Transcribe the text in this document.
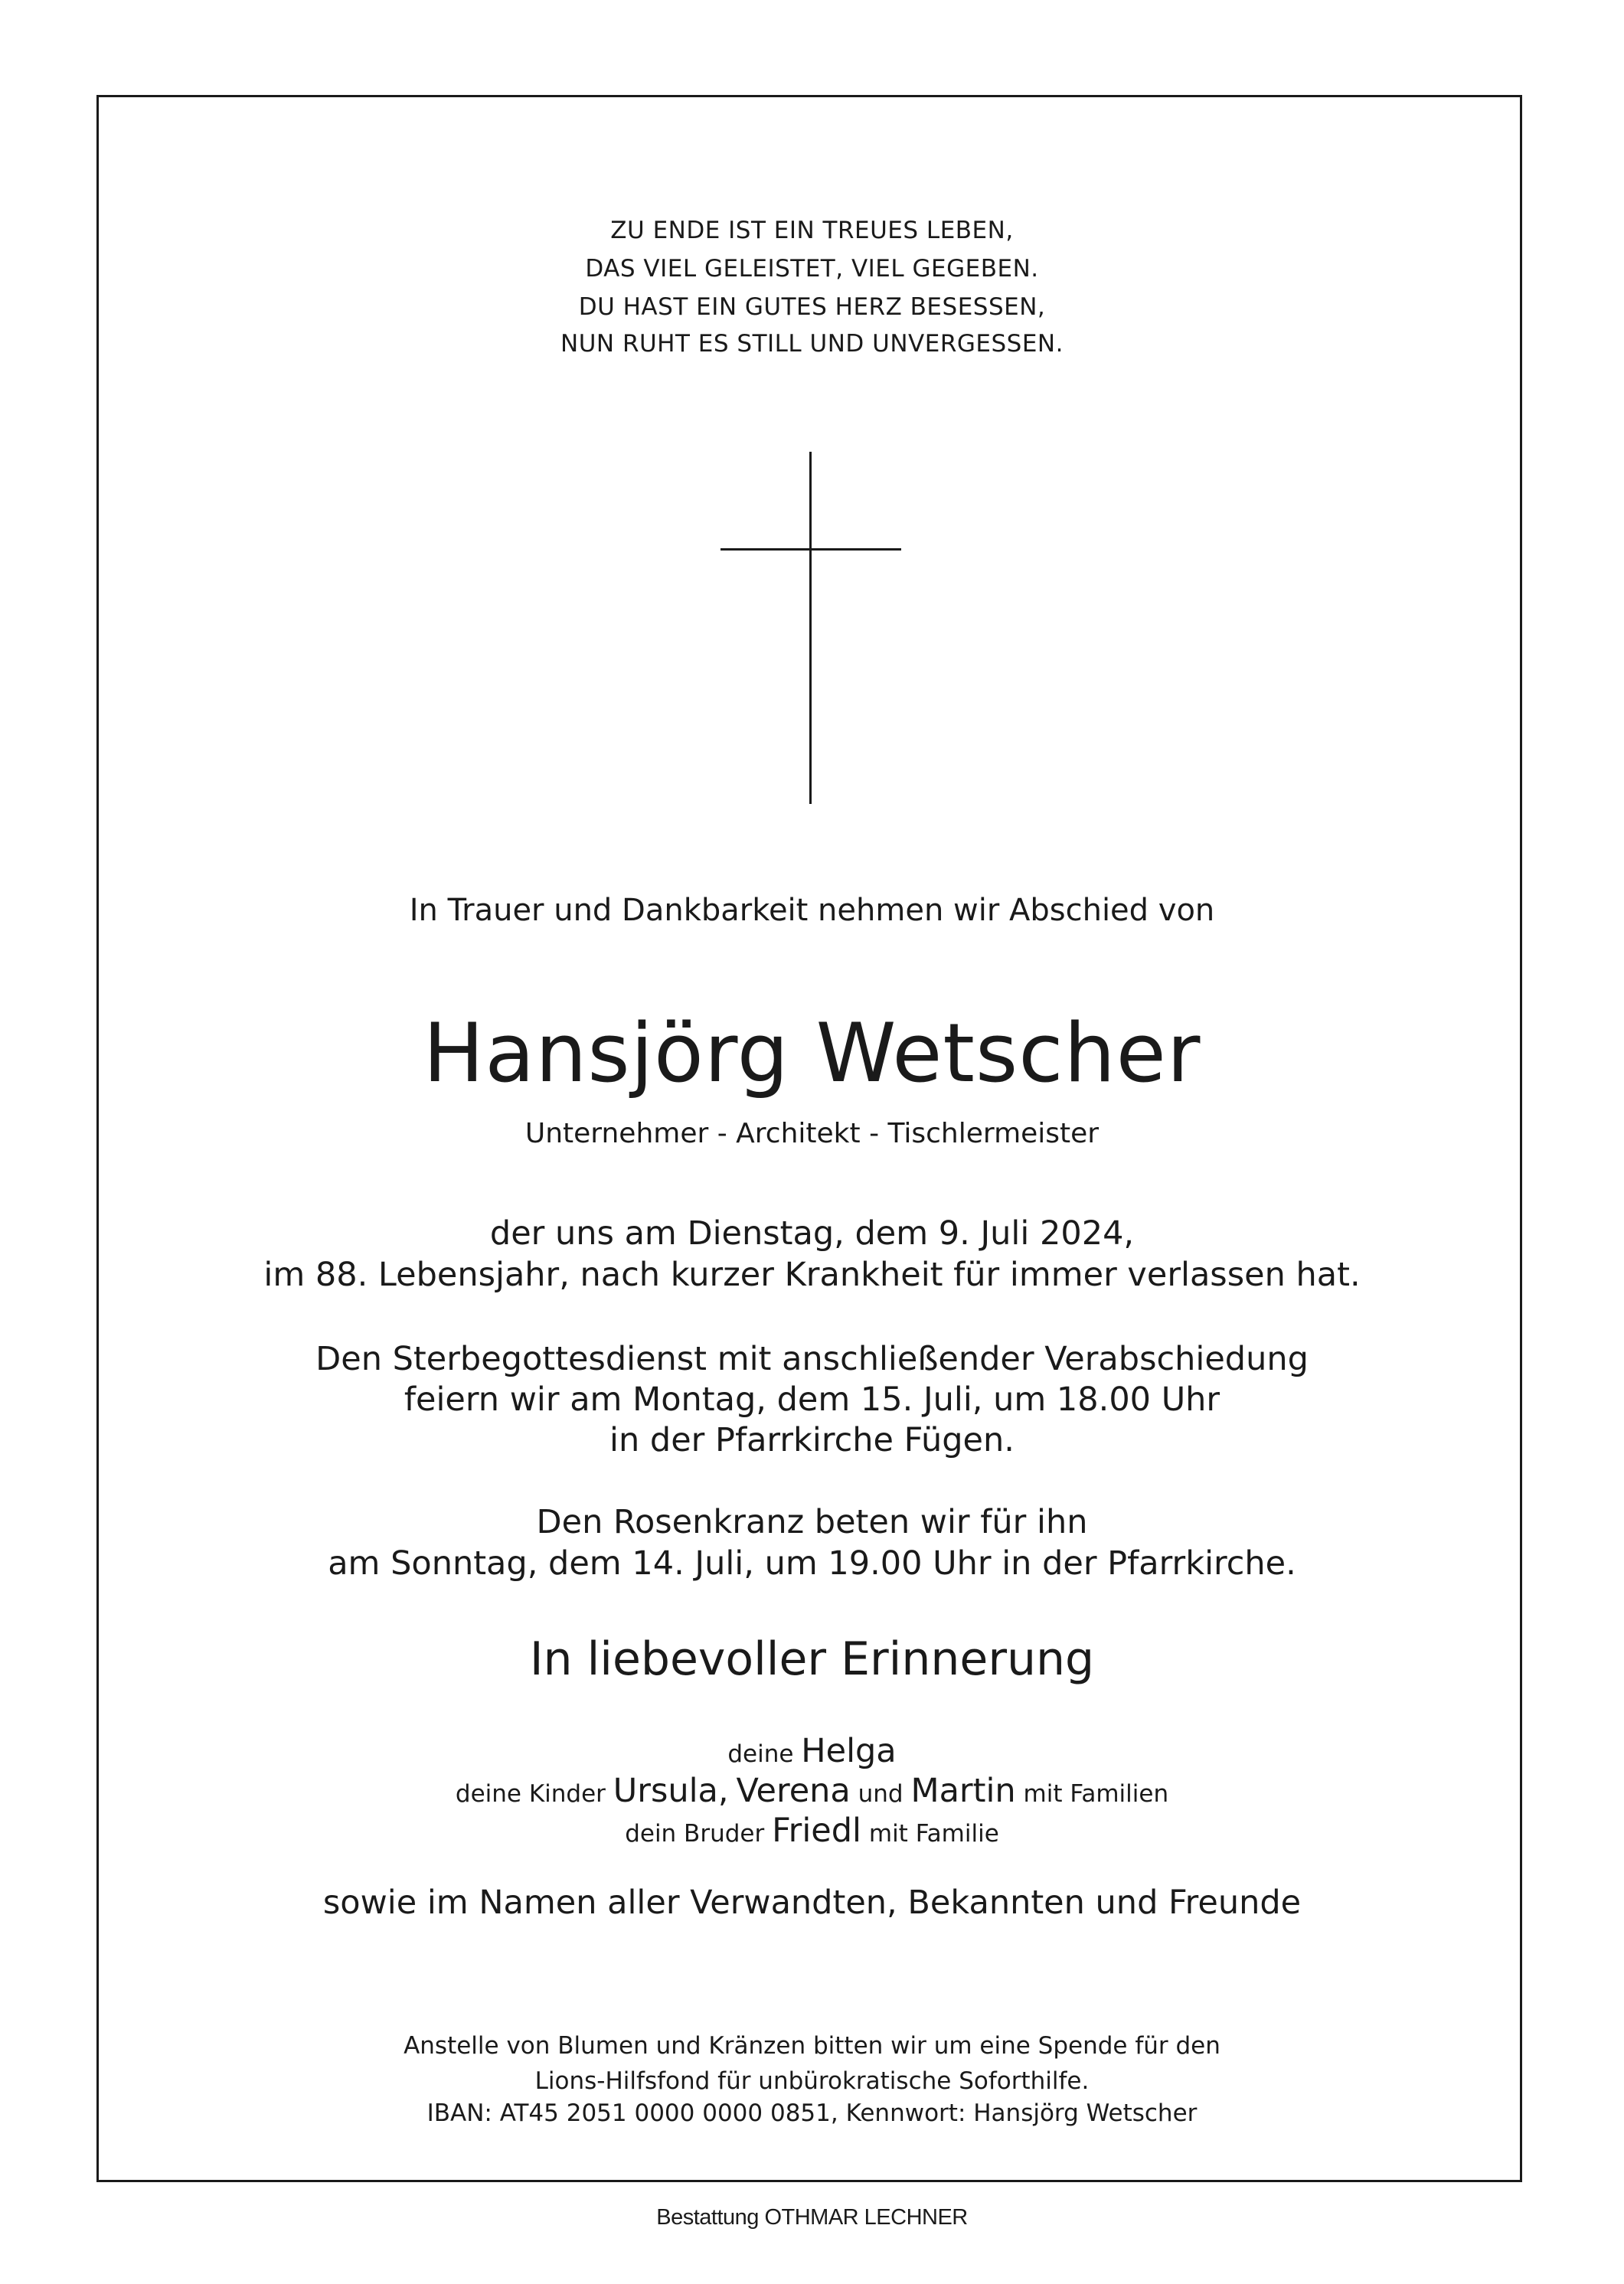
ZU ENDE IST EIN TREUES LEBEN,
DAS VIEL GELEISTET, VIEL GEGEBEN.
DU HAST EIN GUTES HERZ BESESSEN,
NUN RUHT ES STILL UND UNVERGESSEN.
In Trauer und Dankbarkeit nehmen wir Abschied von
Hansjörg Wetscher
Unternehmer - Architekt - Tischlermeister
der uns am Dienstag, dem 9. Juli 2024,
im 88. Lebensjahr, nach kurzer Krankheit für immer verlassen hat.
Den Sterbegottesdienst mit anschließender Verabschiedung
feiern wir am Montag, dem 15. Juli, um 18.00 Uhr
in der Pfarrkirche Fügen.
Den Rosenkranz beten wir für ihn
am Sonntag, dem 14. Juli, um 19.00 Uhr in der Pfarrkirche.
In liebevoller Erinnerung
deine Helga
deine Kinder Ursula, Verena und Martin mit Familien
dein Bruder Friedl mit Familie
sowie im Namen aller Verwandten, Bekannten und Freunde
Anstelle von Blumen und Kränzen bitten wir um eine Spende für den
Lions-Hilfsfond für unbürokratische Soforthilfe.
IBAN: AT45 2051 0000 0000 0851, Kennwort: Hansjörg Wetscher
Bestattung OTHMAR LECHNER
